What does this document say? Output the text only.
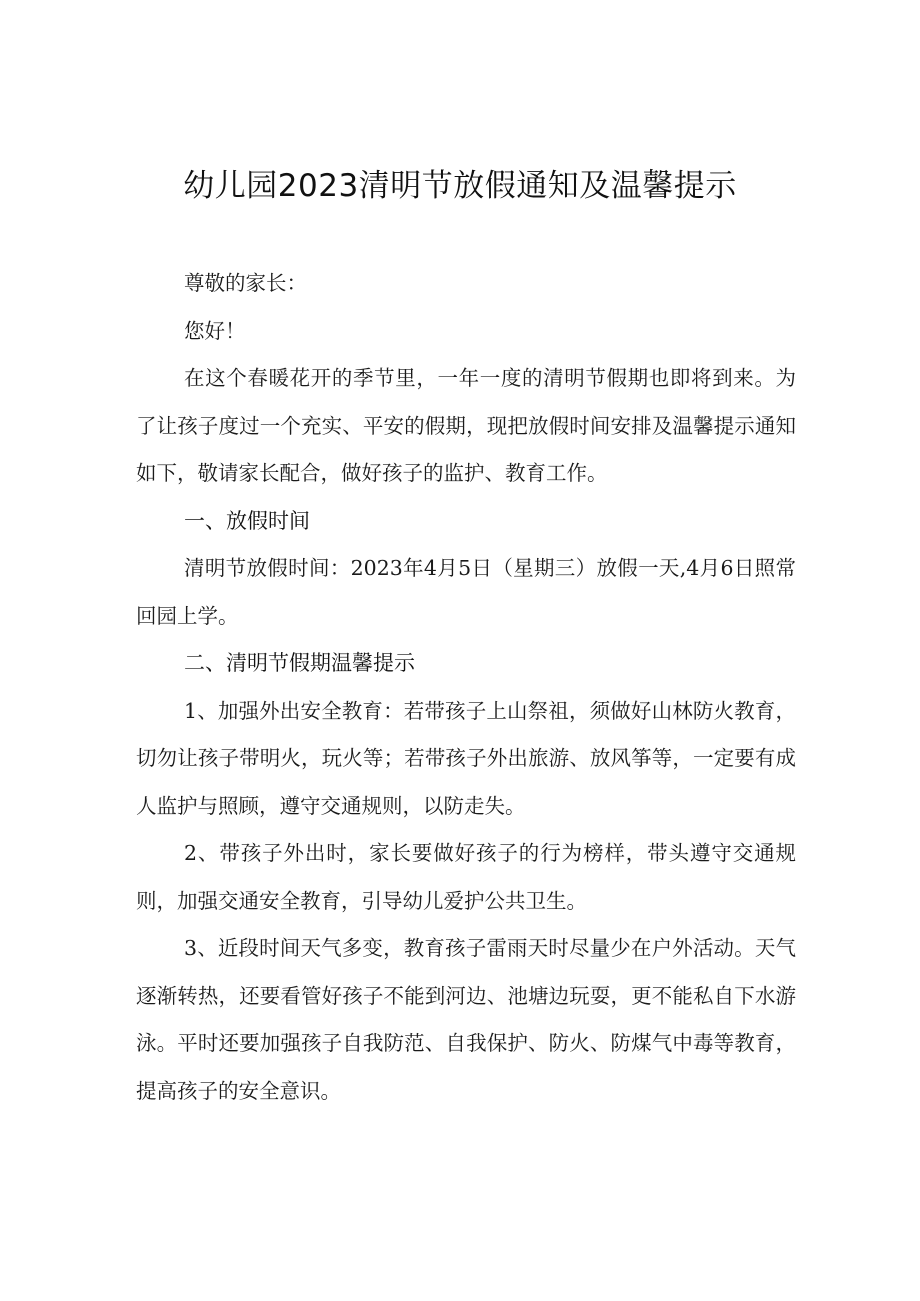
幼儿园2023清明节放假通知及温馨提示

尊敬的家长：

您好！

在这个春暖花开的季节里，一年一度的清明节假期也即将到来。为了让孩子度过一个充实、平安的假期，现把放假时间安排及温馨提示通知如下，敬请家长配合，做好孩子的监护、教育工作。

一、放假时间

清明节放假时间：2023年4月5日（星期三）放假一天,4月6日照常回园上学。

二、清明节假期温馨提示

1、加强外出安全教育：若带孩子上山祭祖，须做好山林防火教育，切勿让孩子带明火，玩火等；若带孩子外出旅游、放风筝等，一定要有成人监护与照顾，遵守交通规则，以防走失。

2、带孩子外出时，家长要做好孩子的行为榜样，带头遵守交通规则，加强交通安全教育，引导幼儿爱护公共卫生。

3、近段时间天气多变，教育孩子雷雨天时尽量少在户外活动。天气逐渐转热，还要看管好孩子不能到河边、池塘边玩耍，更不能私自下水游泳。平时还要加强孩子自我防范、自我保护、防火、防煤气中毒等教育，提高孩子的安全意识。
